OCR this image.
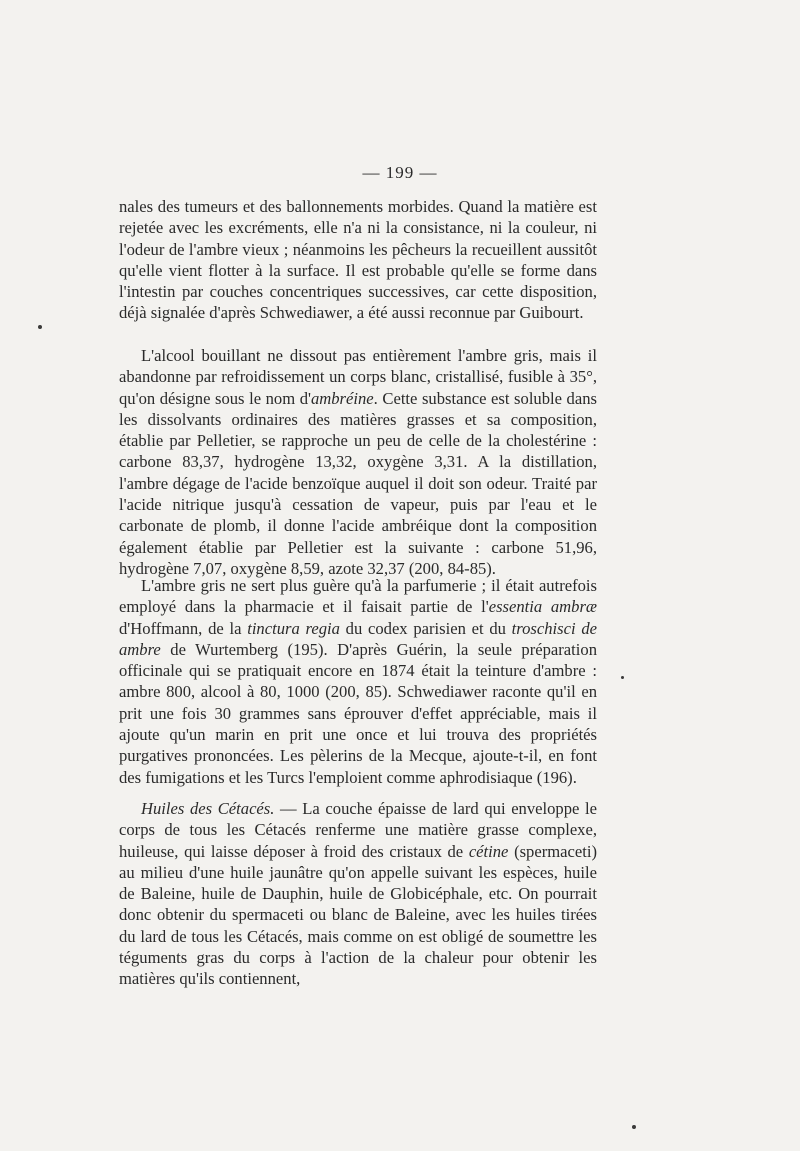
— 199 —

nales des tumeurs et des ballonnements morbides. Quand la matière est rejetée avec les excréments, elle n'a ni la consistance, ni la couleur, ni l'odeur de l'ambre vieux ; néanmoins les pêcheurs la recueillent aussitôt qu'elle vient flotter à la surface. Il est probable qu'elle se forme dans l'intestin par couches concentriques successives, car cette disposition, déjà signalée d'après Schwediawer, a été aussi reconnue par Guibourt.

L'alcool bouillant ne dissout pas entièrement l'ambre gris, mais il abandonne par refroidissement un corps blanc, cristallisé, fusible à 35°, qu'on désigne sous le nom d'ambréine. Cette substance est soluble dans les dissolvants ordinaires des matières grasses et sa composition, établie par Pelletier, se rapproche un peu de celle de la cholestérine : carbone 83,37, hydrogène 13,32, oxygène 3,31. A la distillation, l'ambre dégage de l'acide benzoïque auquel il doit son odeur. Traité par l'acide nitrique jusqu'à cessation de vapeur, puis par l'eau et le carbonate de plomb, il donne l'acide ambréique dont la composition également établie par Pelletier est la suivante : carbone 51,96, hydrogène 7,07, oxygène 8,59, azote 32,37 (200, 84-85).

L'ambre gris ne sert plus guère qu'à la parfumerie ; il était autrefois employé dans la pharmacie et il faisait partie de l'essentia ambræ d'Hoffmann, de la tinctura regia du codex parisien et du troschisci de ambre de Wurtemberg (195). D'après Guérin, la seule préparation officinale qui se pratiquait encore en 1874 était la teinture d'ambre : ambre 800, alcool à 80, 1000 (200, 85). Schwediawer raconte qu'il en prit une fois 30 grammes sans éprouver d'effet appréciable, mais il ajoute qu'un marin en prit une once et lui trouva des propriétés purgatives prononcées. Les pèlerins de la Mecque, ajoute-t-il, en font des fumigations et les Turcs l'emploient comme aphrodisiaque (196).

Huiles des Cétacés. — La couche épaisse de lard qui enveloppe le corps de tous les Cétacés renferme une matière grasse complexe, huileuse, qui laisse déposer à froid des cristaux de cétine (spermaceti) au milieu d'une huile jaunâtre qu'on appelle suivant les espèces, huile de Baleine, huile de Dauphin, huile de Globicéphale, etc. On pourrait donc obtenir du spermaceti ou blanc de Baleine, avec les huiles tirées du lard de tous les Cétacés, mais comme on est obligé de soumettre les téguments gras du corps à l'action de la chaleur pour obtenir les matières qu'ils contiennent,
